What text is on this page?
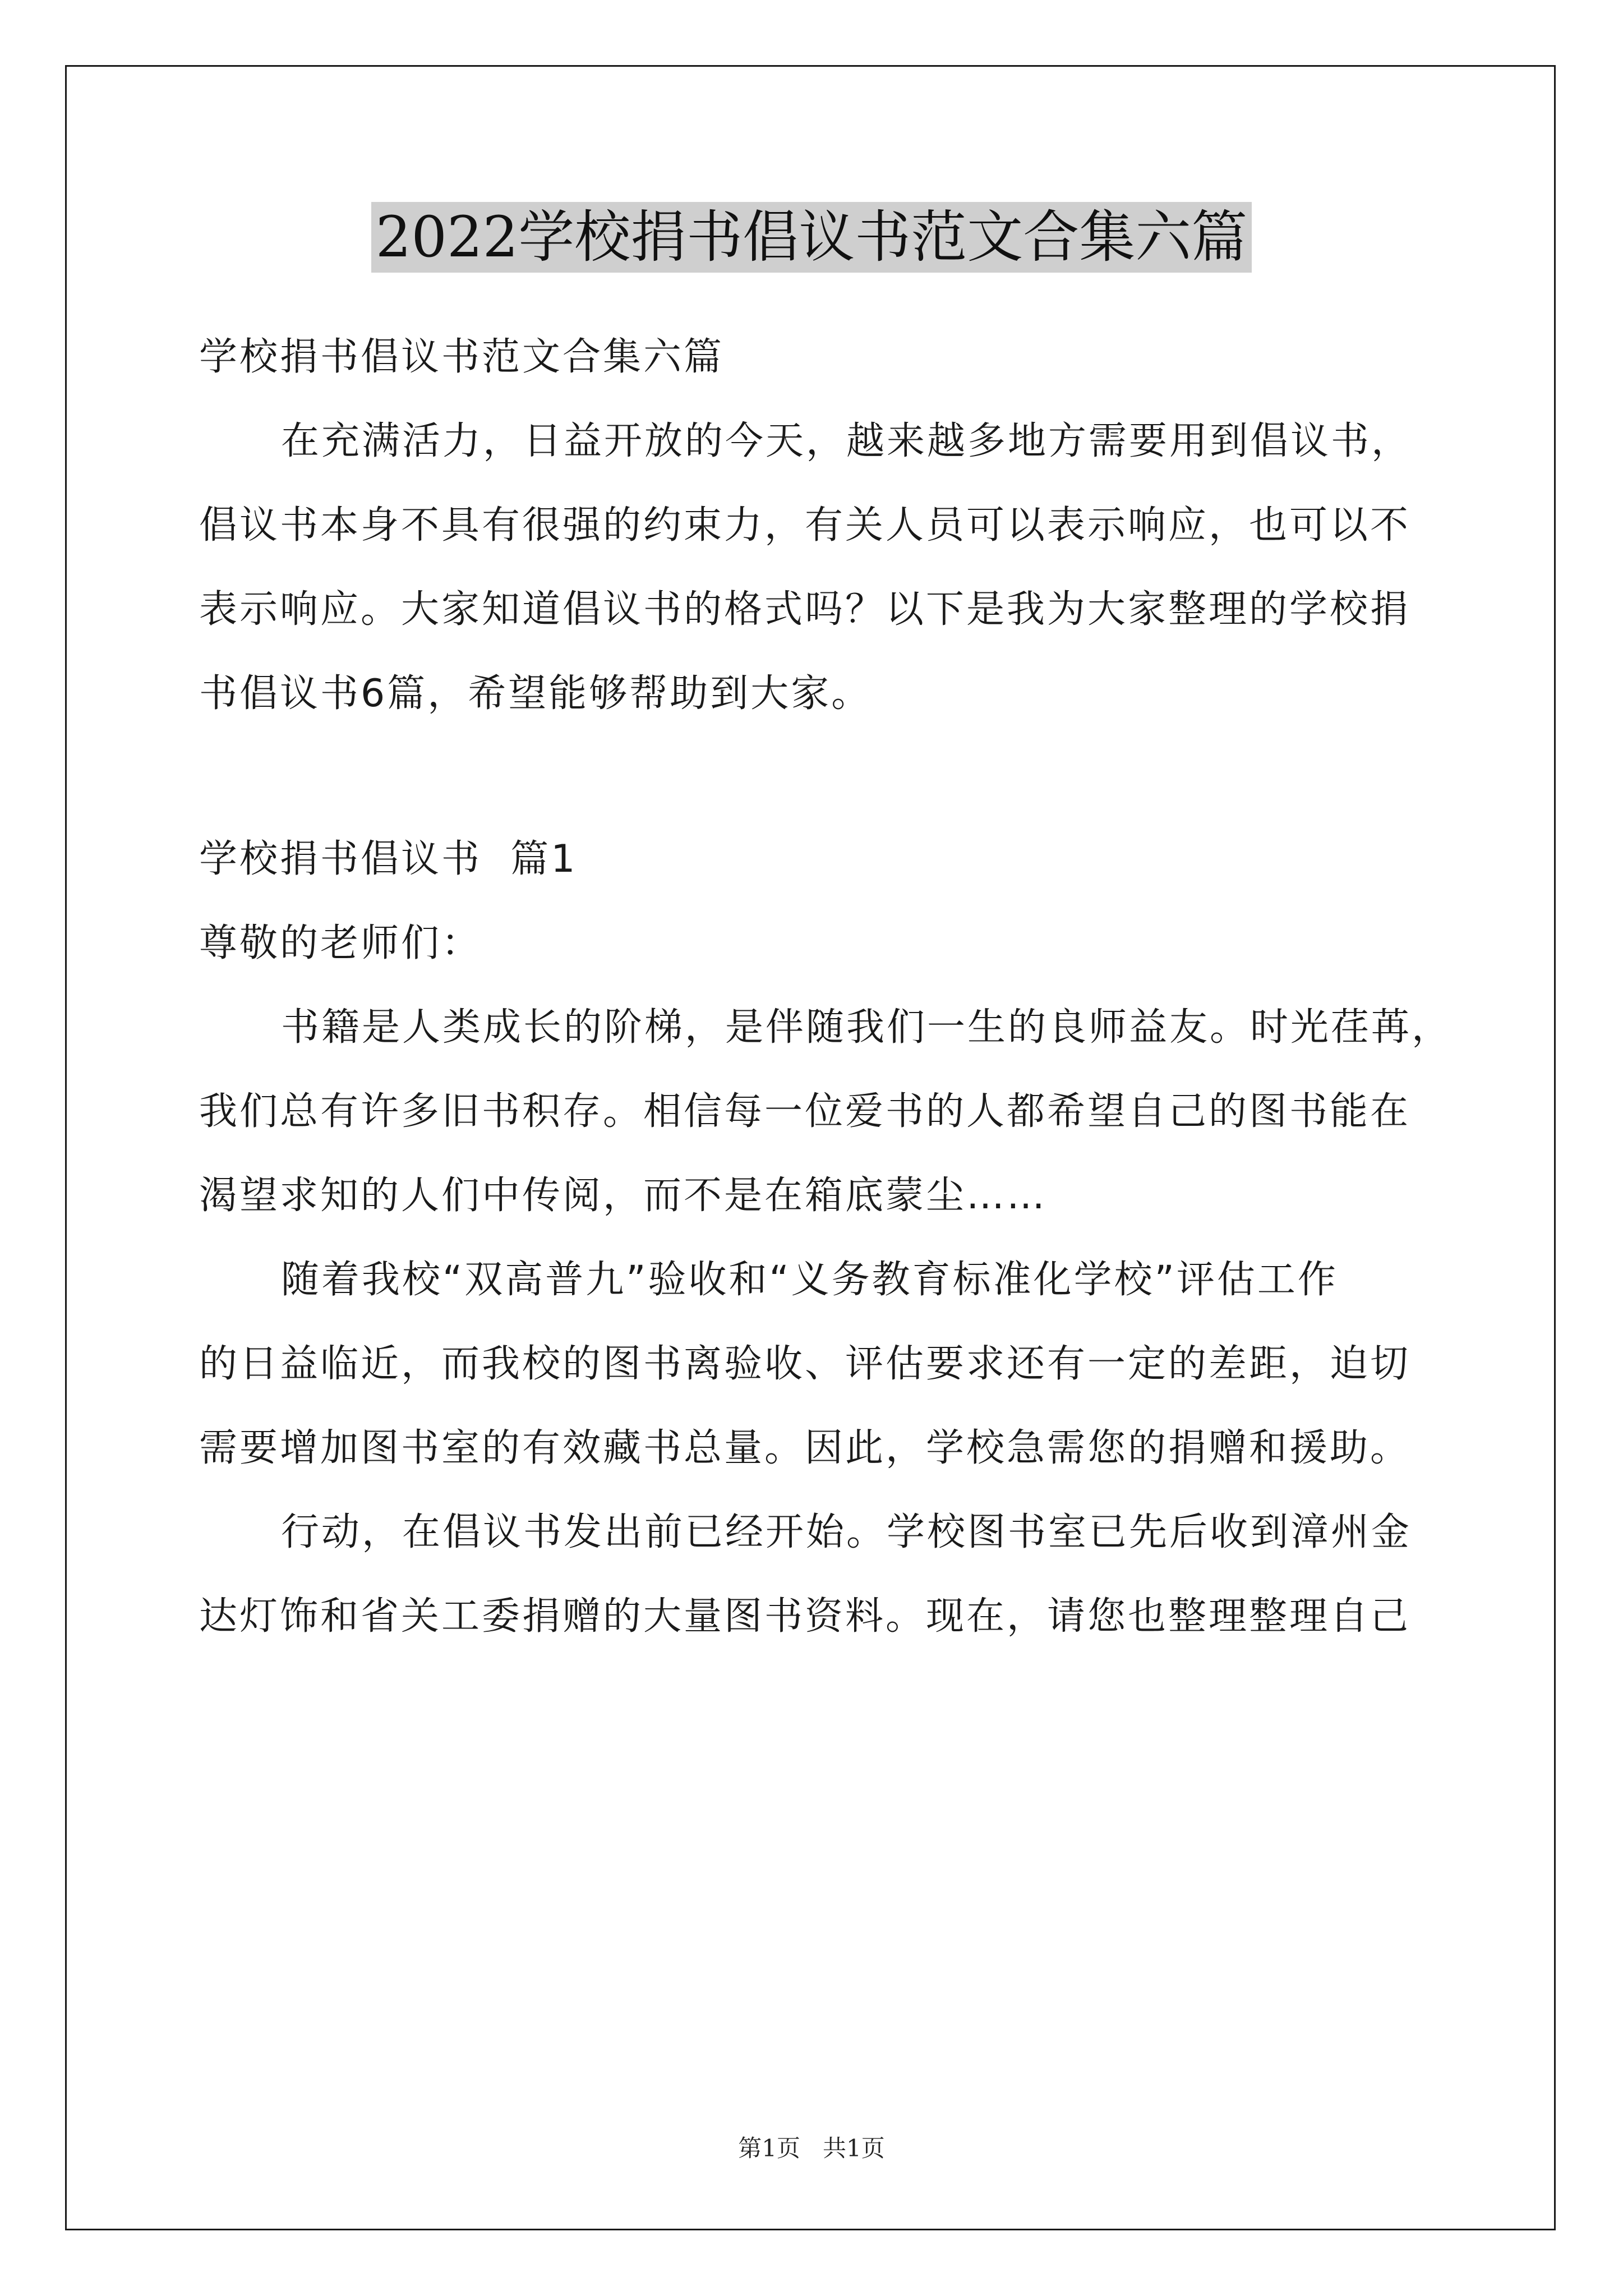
2022学校捐书倡议书范文合集六篇
学校捐书倡议书范文合集六篇
在充满活力，日益开放的今天，越来越多地方需要用到倡议书，
倡议书本身不具有很强的约束力，有关人员可以表示响应，也可以不
表示响应。大家知道倡议书的格式吗？以下是我为大家整理的学校捐
书倡议书6篇，希望能够帮助到大家。
学校捐书倡议书  篇1
尊敬的老师们：
书籍是人类成长的阶梯，是伴随我们一生的良师益友。时光荏苒，
我们总有许多旧书积存。相信每一位爱书的人都希望自己的图书能在
渴望求知的人们中传阅，而不是在箱底蒙尘……
随着我校“双高普九”验收和“义务教育标准化学校”评估工作
的日益临近，而我校的图书离验收、评估要求还有一定的差距，迫切
需要增加图书室的有效藏书总量。因此，学校急需您的捐赠和援助。
行动，在倡议书发出前已经开始。学校图书室已先后收到漳州金
达灯饰和省关工委捐赠的大量图书资料。现在，请您也整理整理自己
第1页 共1页
